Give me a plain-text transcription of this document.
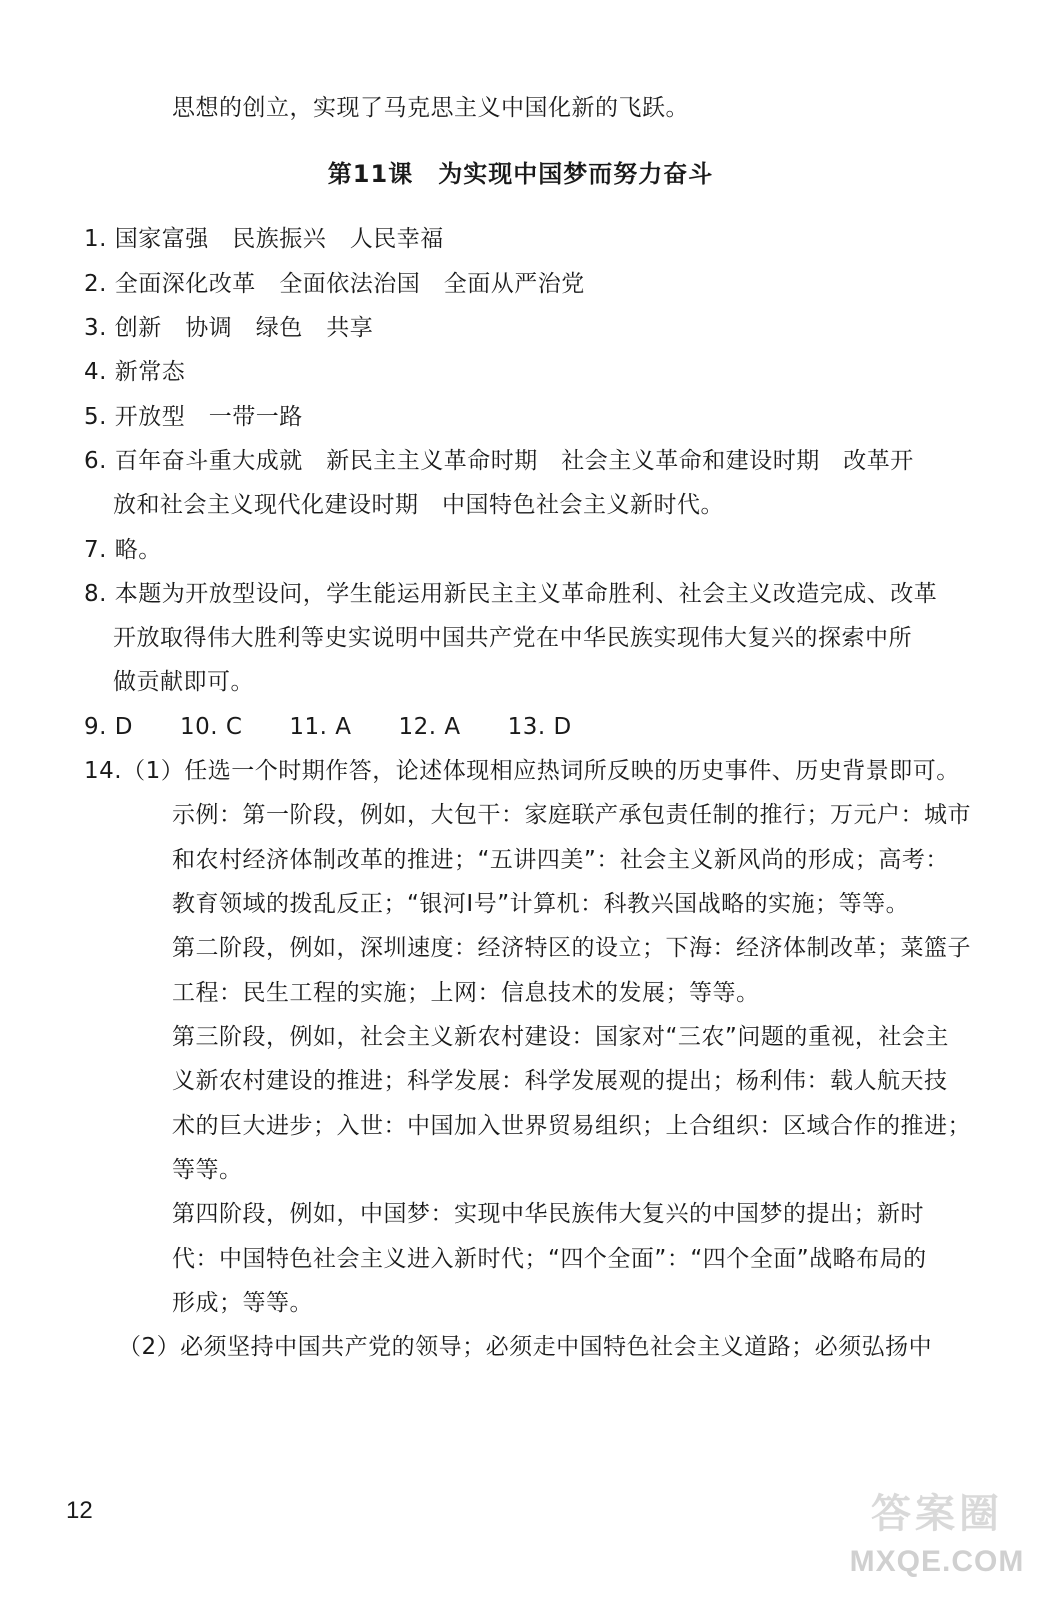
思想的创立，实现了马克思主义中国化新的飞跃。
第11课　为实现中国梦而努力奋斗
1. 国家富强　民族振兴　人民幸福
2. 全面深化改革　全面依法治国　全面从严治党
3. 创新　协调　绿色　共享
4. 新常态
5. 开放型　一带一路
6. 百年奋斗重大成就　新民主主义革命时期　社会主义革命和建设时期　改革开
放和社会主义现代化建设时期　中国特色社会主义新时代。
7. 略。
8. 本题为开放型设问，学生能运用新民主主义革命胜利、社会主义改造完成、改革
开放取得伟大胜利等史实说明中国共产党在中华民族实现伟大复兴的探索中所
做贡献即可。
9. D　　10. C　　11. A　　12. A　　13. D
14.（1）任选一个时期作答，论述体现相应热词所反映的历史事件、历史背景即可。
示例：第一阶段，例如，大包干：家庭联产承包责任制的推行；万元户：城市
和农村经济体制改革的推进；“五讲四美”：社会主义新风尚的形成；高考：
教育领域的拨乱反正；“银河Ⅰ号”计算机：科教兴国战略的实施；等等。
第二阶段，例如，深圳速度：经济特区的设立；下海：经济体制改革；菜篮子
工程：民生工程的实施；上网：信息技术的发展；等等。
第三阶段，例如，社会主义新农村建设：国家对“三农”问题的重视，社会主
义新农村建设的推进；科学发展：科学发展观的提出；杨利伟：载人航天技
术的巨大进步；入世：中国加入世界贸易组织；上合组织：区域合作的推进；
等等。
第四阶段，例如，中国梦：实现中华民族伟大复兴的中国梦的提出；新时
代：中国特色社会主义进入新时代；“四个全面”：“四个全面”战略布局的
形成；等等。
（2）必须坚持中国共产党的领导；必须走中国特色社会主义道路；必须弘扬中
12	答案圈
MXQE.COM
